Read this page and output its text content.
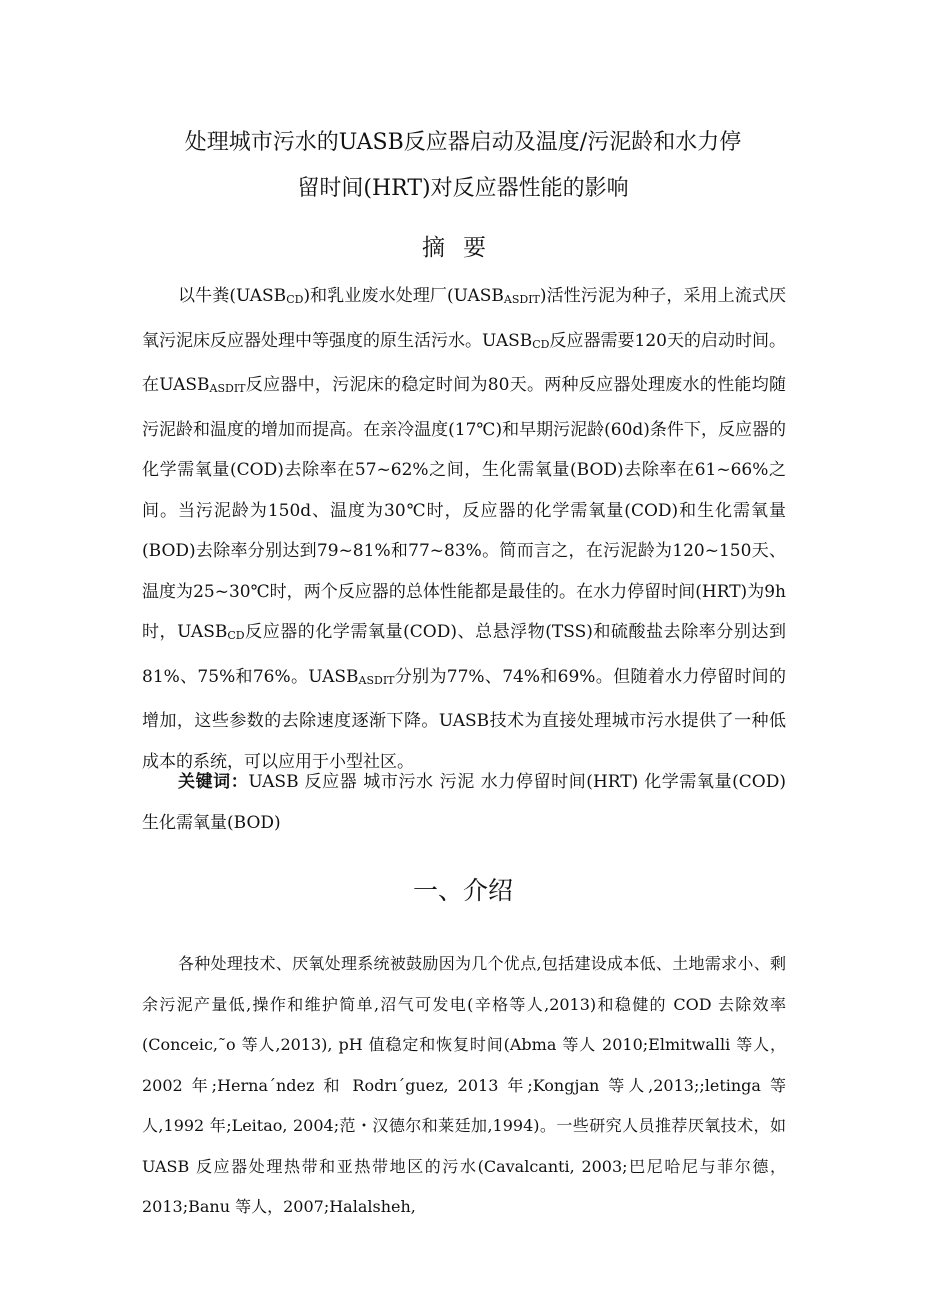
处理城市污水的UASB反应器启动及温度/污泥龄和水力停
留时间(HRT)对反应器性能的影响
摘要
以牛粪$(UASB_{CD})$和乳业废水处理厂$(UASB_{ASDIT})$活性污泥为种子，采用上流式厌氧污泥床反应器处理中等强度的原生活污水。$UASB_{CD}$反应器需要120天的启动时间。在$UASB_{ASDIT}$反应器中，污泥床的稳定时间为80天。两种反应器处理废水的性能均随污泥龄和温度的增加而提高。在亲冷温度(17℃)和早期污泥龄(60d)条件下，反应器的化学需氧量(COD)去除率在57~62%之间，生化需氧量(BOD)去除率在61~66%之间。当污泥龄为150d、温度为30℃时，反应器的化学需氧量(COD)和生化需氧量(BOD)去除率分别达到79~81%和77~83%。简而言之，在污泥龄为120~150天、温度为25~30℃时，两个反应器的总体性能都是最佳的。在水力停留时间(HRT)为9h时，$UASB_{CD}$反应器的化学需氧量(COD)、总悬浮物(TSS)和硫酸盐去除率分别达到81%、75%和76%。$UASB_{ASDIT}$分别为77%、74%和69%。但随着水力停留时间的增加，这些参数的去除速度逐渐下降。UASB技术为直接处理城市污水提供了一种低成本的系统，可以应用于小型社区。
关键词：UASB 反应器 城市污水 污泥 水力停留时间(HRT) 化学需氧量(COD) 生化需氧量(BOD)
一、介绍
各种处理技术、厌氧处理系统被鼓励因为几个优点,包括建设成本低、土地需求小、剩余污泥产量低,操作和维护简单,沼气可发电(辛格等人,2013)和稳健的 COD 去除效率(Conceic,˜o 等人,2013), pH 值稳定和恢复时间(Abma 等人 2010;Elmitwalli 等人，2002 年;Herna´ndez 和 Rodrı´guez, 2013 年;Kongjan 等人,2013;;letinga 等人,1992 年;Leitao, 2004;范・汉德尔和莱廷加,1994)。一些研究人员推荐厌氧技术，如 UASB 反应器处理热带和亚热带地区的污水(Cavalcanti, 2003;巴尼哈尼与菲尔德，2013;Banu 等人，2007;Halalsheh,
